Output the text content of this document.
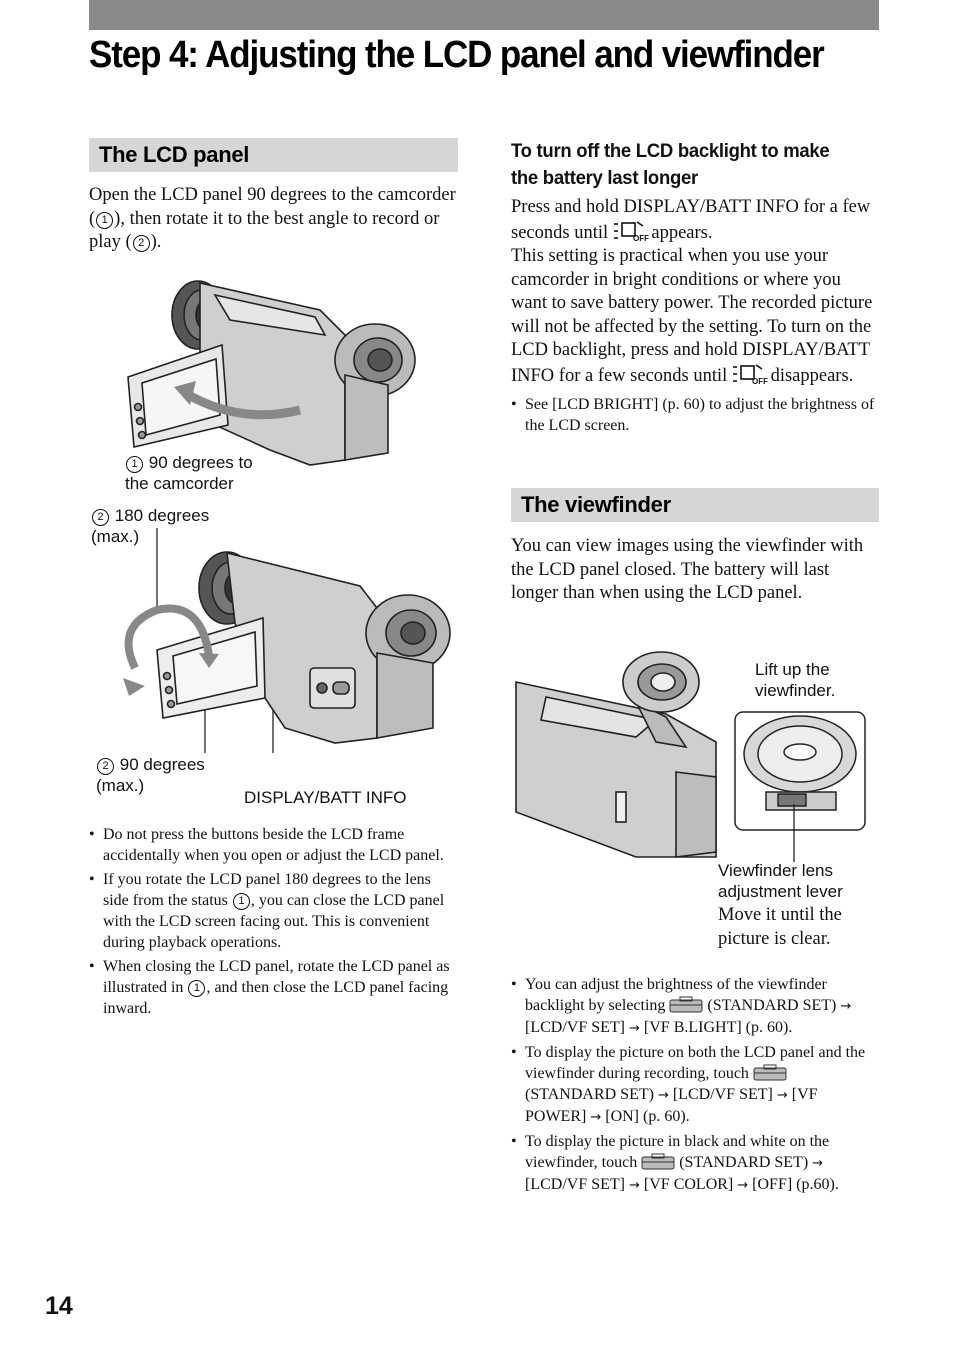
Step 4: Adjusting the LCD panel and viewfinder
The LCD panel

Open the LCD panel 90 degrees to the camcorder ( 1 ), then rotate it to the best angle to record or play ( 2 ).

1 90 degrees to
the camcorder
2 180 degrees
(max.)
2 90 degrees
(max.)
DISPLAY/BATT INFO
• Do not press the buttons beside the LCD frame accidentally when you open or adjust the LCD panel.
• If you rotate the LCD panel 180 degrees to the lens side from the status 1 , you can close the LCD panel with the LCD screen facing out. This is convenient during playback operations.
• When closing the LCD panel, rotate the LCD panel as illustrated in 1 , and then close the LCD panel facing inward.
To turn off the LCD backlight to make
the battery last longer

Press and hold DISPLAY/BATT INFO for a few seconds until	OFF
appears.

This setting is practical when you use your camcorder in bright conditions or where you want to save battery power. The recorded picture will not be affected by the setting. To turn on the LCD backlight, press and hold DISPLAY/BATT INFO for a few seconds until	OFF
disappears.

• See [LCD BRIGHT] (p. 60) to adjust the brightness of the LCD screen.
The viewfinder

You can view images using the viewfinder with the LCD panel closed. The battery will last longer than when using the LCD panel.

Lift up the
viewfinder.
Viewfinder lens
adjustment lever
Move it until the
picture is clear.
• You can adjust the brightness of the viewfinder backlight by selecting  (STANDARD SET) → [LCD/VF SET] → [VF B.LIGHT] (p. 60).
• To display the picture on both the LCD panel and the viewfinder during recording, touch  (STANDARD SET) → [LCD/VF SET] → [VF POWER] → [ON] (p. 60).
• To display the picture in black and white on the viewfinder, touch  (STANDARD SET) → [LCD/VF SET] → [VF COLOR] → [OFF] (p.60).
14
